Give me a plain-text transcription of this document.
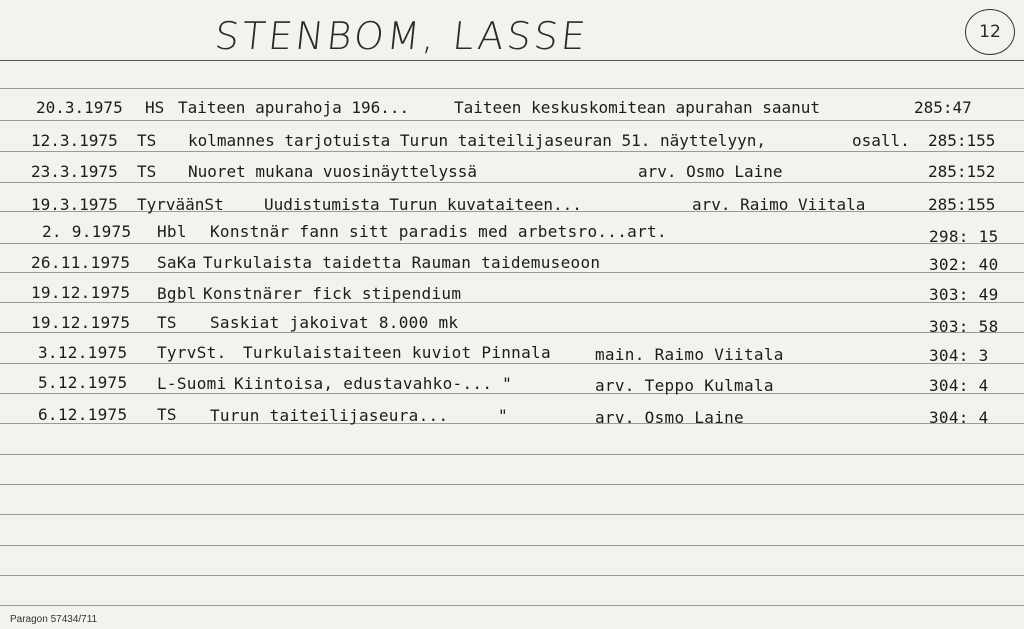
STENBOM, LASSE	12
20.3.1975 HS Taiteen apurahoja 196...	Taiteen keskuskomitean apurahan saanut	285:47
12.3.1975 TS kolmannes tarjotuista Turun taiteilijaseuran 51. näyttelyyn,	osall. 285:155
23.3.1975 TS Nuoret mukana vuosinäyttelyssä	arv. Osmo Laine	285:152
19.3.1975 TyrväänSt	Uudistumista Turun kuvataiteen...	arv. Raimo Viitala	285:155
2. 9.1975 Hbl Konstnär fann sitt paradis med arbetsro...art.	298: 15
26.11.1975 SaKa Turkulaista taidetta Rauman taidemuseoon	302: 40
19.12.1975 Bgbl Konstnärer fick stipendium	303: 49
19.12.1975 TS Saskiat jakoivat 8.000 mk	303: 58
3.12.1975 TyrvSt. Turkulaistaiteen kuviot Pinnala	main. Raimo Viitala	304: 3
5.12.1975 L-Suomi Kiintoisa, edustavahko-... "	arv. Teppo Kulmala	304: 4
6.12.1975 TS Turun taiteilijaseura...     "	arv. Osmo Laine	304: 4
Paragon 57434/711
